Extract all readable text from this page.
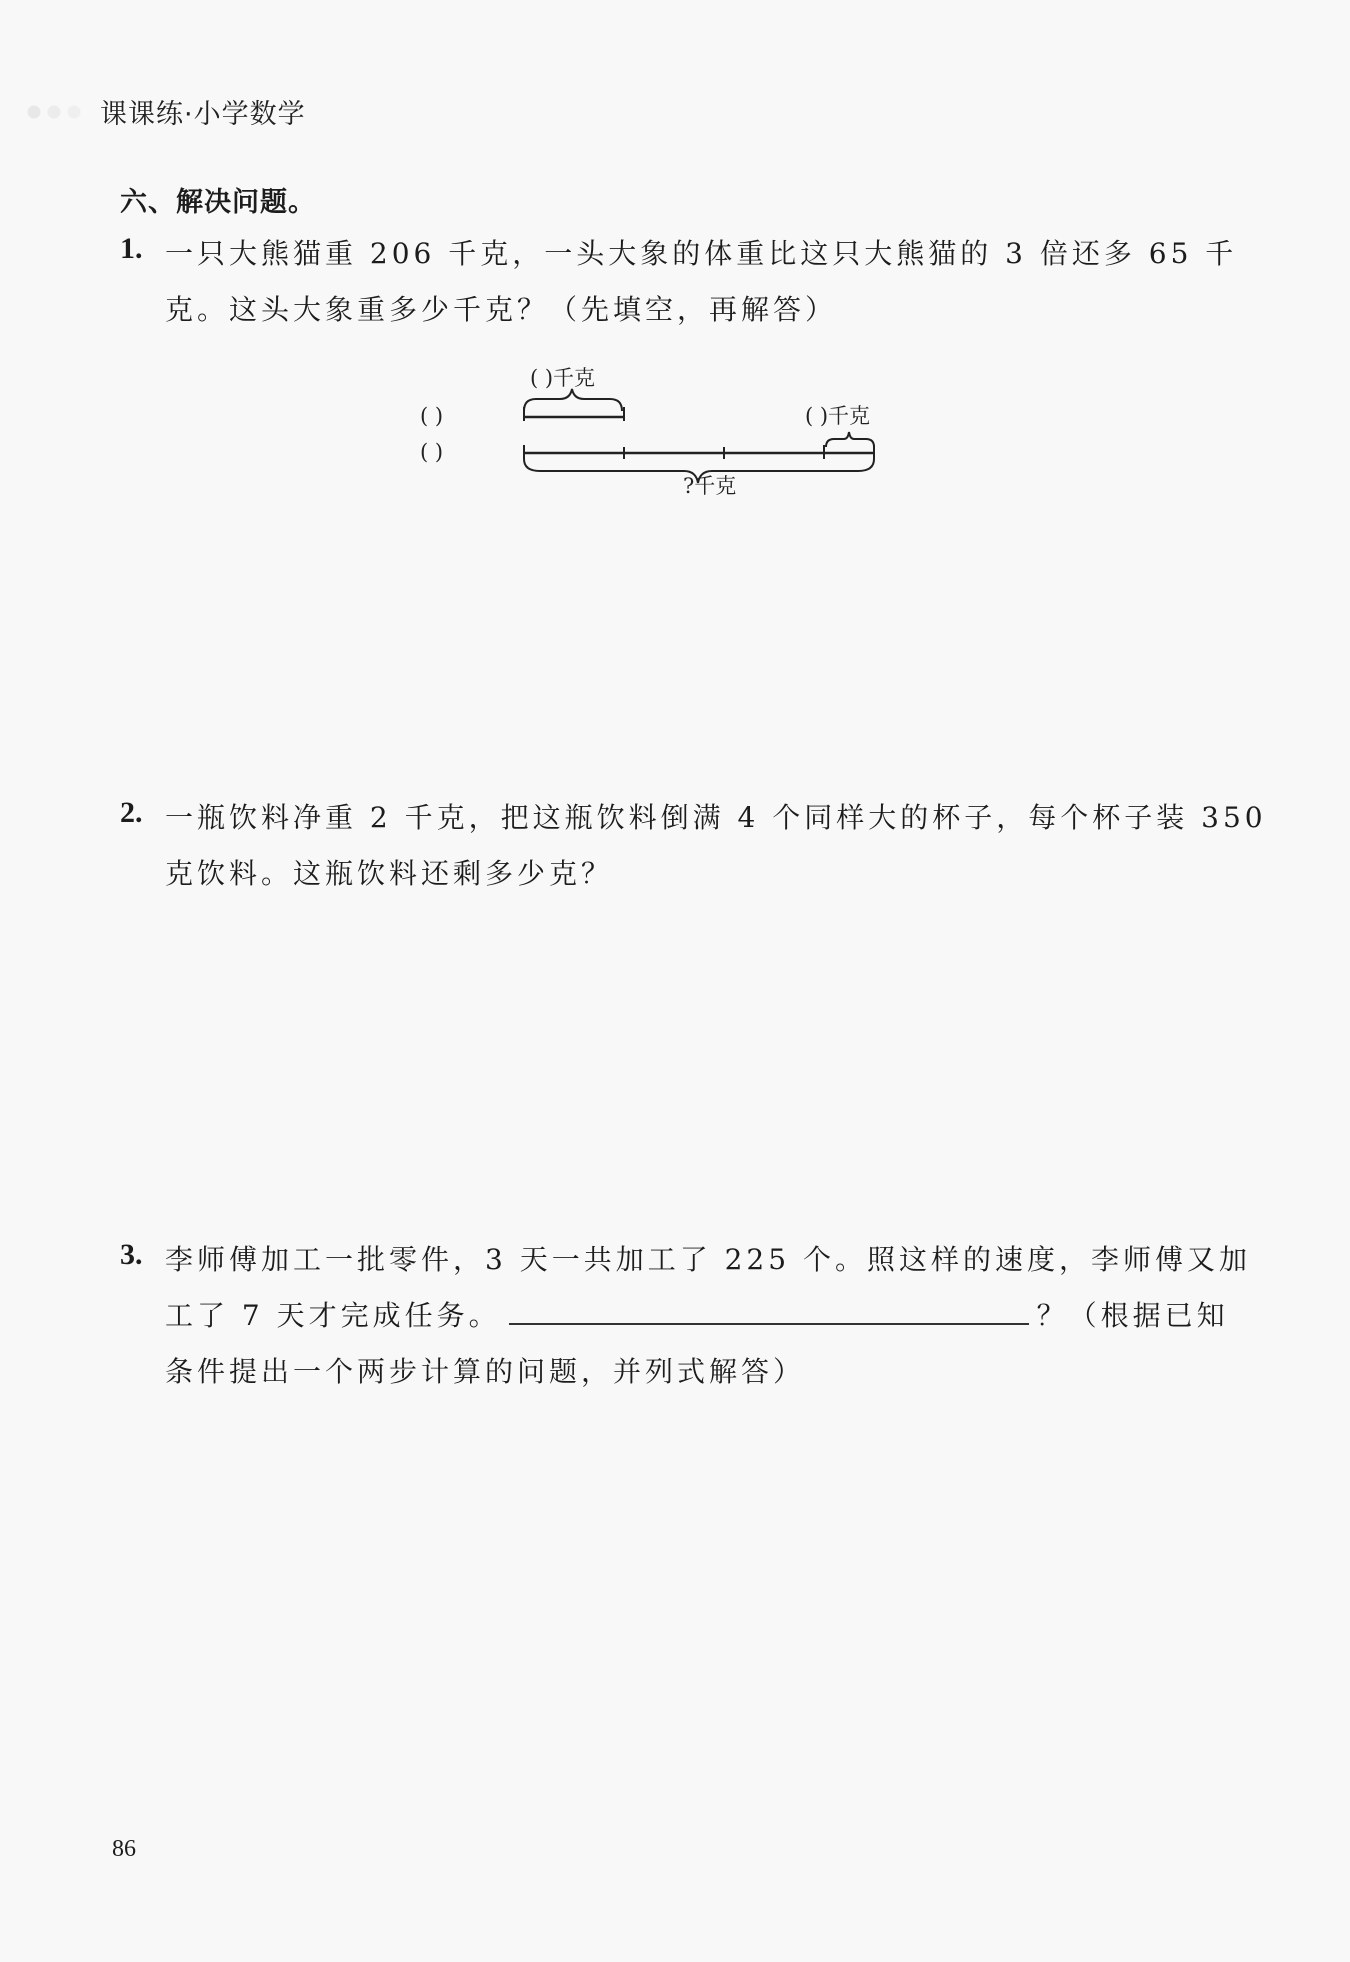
课课练·小学数学
六、解决问题。
1. 一只大熊猫重 206 千克，一头大象的体重比这只大熊猫的 3 倍还多 65 千
克。这头大象重多少千克？（先填空，再解答）
( )千克
( )
( )
( )千克
?千克
2. 一瓶饮料净重 2 千克，把这瓶饮料倒满 4 个同样大的杯子，每个杯子装 350
克饮料。这瓶饮料还剩多少克？
3. 李师傅加工一批零件，3 天一共加工了 225 个。照这样的速度，李师傅又加
工了 7 天才完成任务。	？（根据已知
条件提出一个两步计算的问题，并列式解答）
86
